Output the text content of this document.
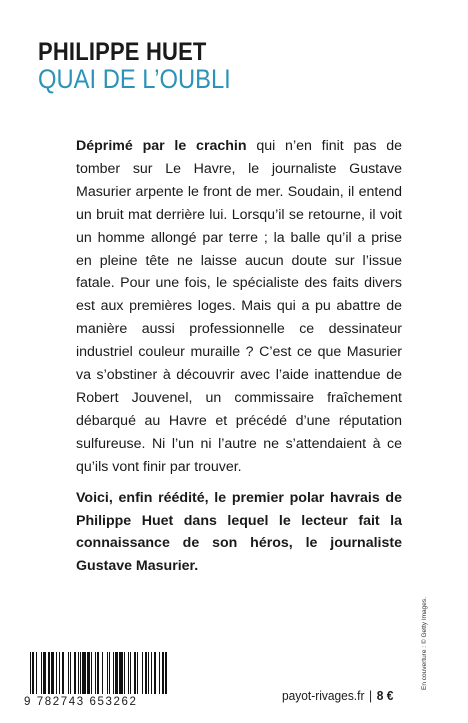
PHILIPPE HUET
QUAI DE L’OUBLI

Déprimé par le crachin qui n’en finit pas de tomber sur Le Havre, le journaliste Gustave Masurier arpente le front de mer. Soudain, il entend un bruit mat derrière lui. Lorsqu’il se retourne, il voit un homme allongé par terre ; la balle qu’il a prise en pleine tête ne laisse aucun doute sur l’issue fatale. Pour une fois, le spécialiste des faits divers est aux premières loges. Mais qui a pu abattre de manière aussi professionnelle ce dessinateur industriel couleur muraille ? C’est ce que Masurier va s’obstiner à découvrir avec l’aide inattendue de Robert Jouvenel, un commissaire fraîchement débarqué au Havre et précédé d’une réputation sulfureuse. Ni l’un ni l’autre ne s’attendaient à ce qu’ils vont finir par trouver.

Voici, enfin réédité, le premier polar havrais de Philippe Huet dans lequel le lecteur fait la connaissance de son héros, le journaliste Gustave Masurier.

En couverture : © Getty Images.
9 782743 653262	payot-rivages.fr | 8 €
